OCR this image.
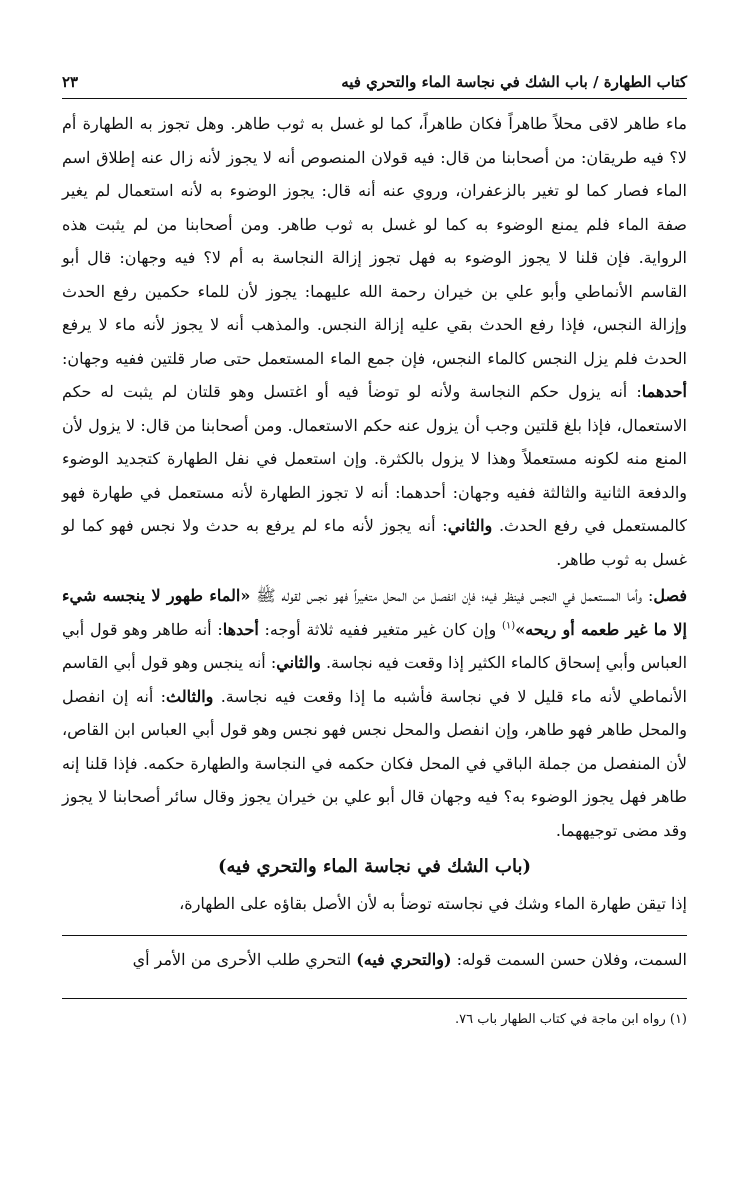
كتاب الطهارة / باب الشك في نجاسة الماء والتحري فيه
٢٣

ماء طاهر لاقى محلاً طاهراً فكان طاهراً، كما لو غسل به ثوب طاهر. وهل تجوز به الطهارة أم لا؟ فيه طريقان: من أصحابنا من قال: فيه قولان المنصوص أنه لا يجوز لأنه زال عنه إطلاق اسم الماء فصار كما لو تغير بالزعفران، وروي عنه أنه قال: يجوز الوضوء به لأنه استعمال لم يغير صفة الماء فلم يمنع الوضوء به كما لو غسل به ثوب طاهر. ومن أصحابنا من لم يثبت هذه الرواية. فإن قلنا لا يجوز الوضوء به فهل تجوز إزالة النجاسة به أم لا؟ فيه وجهان: قال أبو القاسم الأنماطي وأبو علي بن خيران رحمة الله عليهما: يجوز لأن للماء حكمين رفع الحدث وإزالة النجس، فإذا رفع الحدث بقي عليه إزالة النجس. والمذهب أنه لا يجوز لأنه ماء لا يرفع الحدث فلم يزل النجس كالماء النجس، فإن جمع الماء المستعمل حتى صار قلتين ففيه وجهان: أحدهما: أنه يزول حكم النجاسة ولأنه لو توضأ فيه أو اغتسل وهو قلتان لم يثبت له حكم الاستعمال، فإذا بلغ قلتين وجب أن يزول عنه حكم الاستعمال. ومن أصحابنا من قال: لا يزول لأن المنع منه لكونه مستعملاً وهذا لا يزول بالكثرة. وإن استعمل في نفل الطهارة كتجديد الوضوء والدفعة الثانية والثالثة ففيه وجهان: أحدهما: أنه لا تجوز الطهارة لأنه مستعمل في طهارة فهو كالمستعمل في رفع الحدث. والثاني: أنه يجوز لأنه ماء لم يرفع به حدث ولا نجس فهو كما لو غسل به ثوب طاهر.

فصل: وأما المستعمل في النجس فينظر فيه؛ فإن انفصل من المحل متغيراً فهو نجس لقوله ﷺ «الماء طهور لا ينجسه شيء إلا ما غير طعمه أو ريحه»$^{(١)}$ وإن كان غير متغير ففيه ثلاثة أوجه: أحدها: أنه طاهر وهو قول أبي العباس وأبي إسحاق كالماء الكثير إذا وقعت فيه نجاسة. والثاني: أنه ينجس وهو قول أبي القاسم الأنماطي لأنه ماء قليل لا في نجاسة فأشبه ما إذا وقعت فيه نجاسة. والثالث: أنه إن انفصل والمحل طاهر فهو طاهر، وإن انفصل والمحل نجس فهو نجس وهو قول أبي العباس ابن القاص، لأن المنفصل من جملة الباقي في المحل فكان حكمه في النجاسة والطهارة حكمه. فإذا قلنا إنه طاهر فهل يجوز الوضوء به؟ فيه وجهان قال أبو علي بن خيران يجوز وقال سائر أصحابنا لا يجوز وقد مضى توجيههما.

(باب الشك في نجاسة الماء والتحري فيه)

إذا تيقن طهارة الماء وشك في نجاسته توضأ به لأن الأصل بقاؤه على الطهارة،

السمت، وفلان حسن السمت قوله: (والتحري فيه) التحري طلب الأحرى من الأمر أي

(١) رواه ابن ماجة في كتاب الطهار باب ٧٦.
